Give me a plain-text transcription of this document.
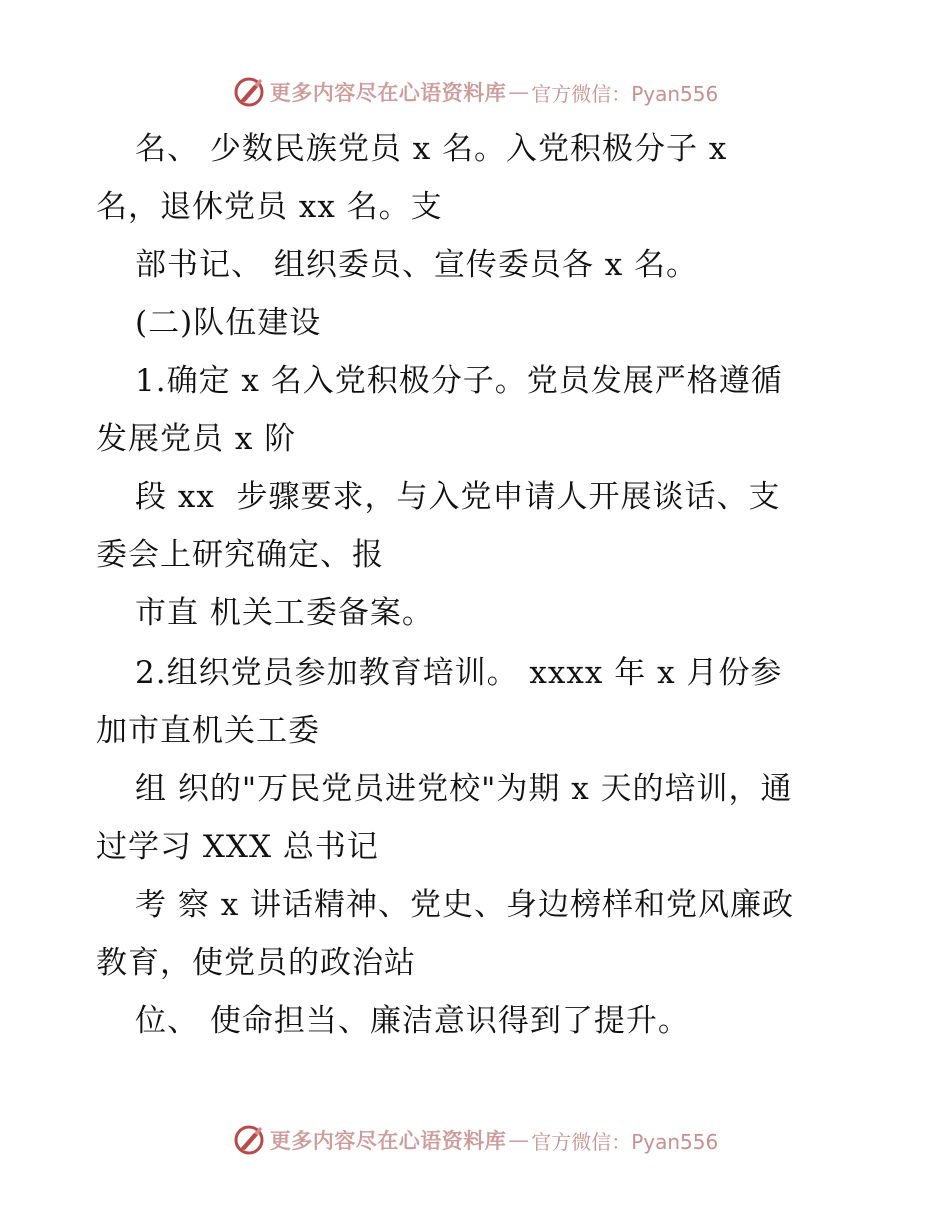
更多内容尽在心语资料库 — 官方微信：Pyan556
名、 少数民族党员 x 名。入党积极分子 x
名，退休党员 xx 名。支
部书记、 组织委员、宣传委员各 x 名。
(二)队伍建设
1.确定 x 名入党积极分子。党员发展严格遵循
发展党员 x 阶
段 xx  步骤要求，与入党申请人开展谈话、支
委会上研究确定、报
市直 机关工委备案。
2.组织党员参加教育培训。 xxxx 年 x 月份参
加市直机关工委
组 织的"万民党员进党校"为期 x 天的培训，通
过学习 XXX 总书记
考 察 x 讲话精神、党史、身边榜样和党风廉政
教育，使党员的政治站
位、 使命担当、廉洁意识得到了提升。
更多内容尽在心语资料库 — 官方微信：Pyan556
